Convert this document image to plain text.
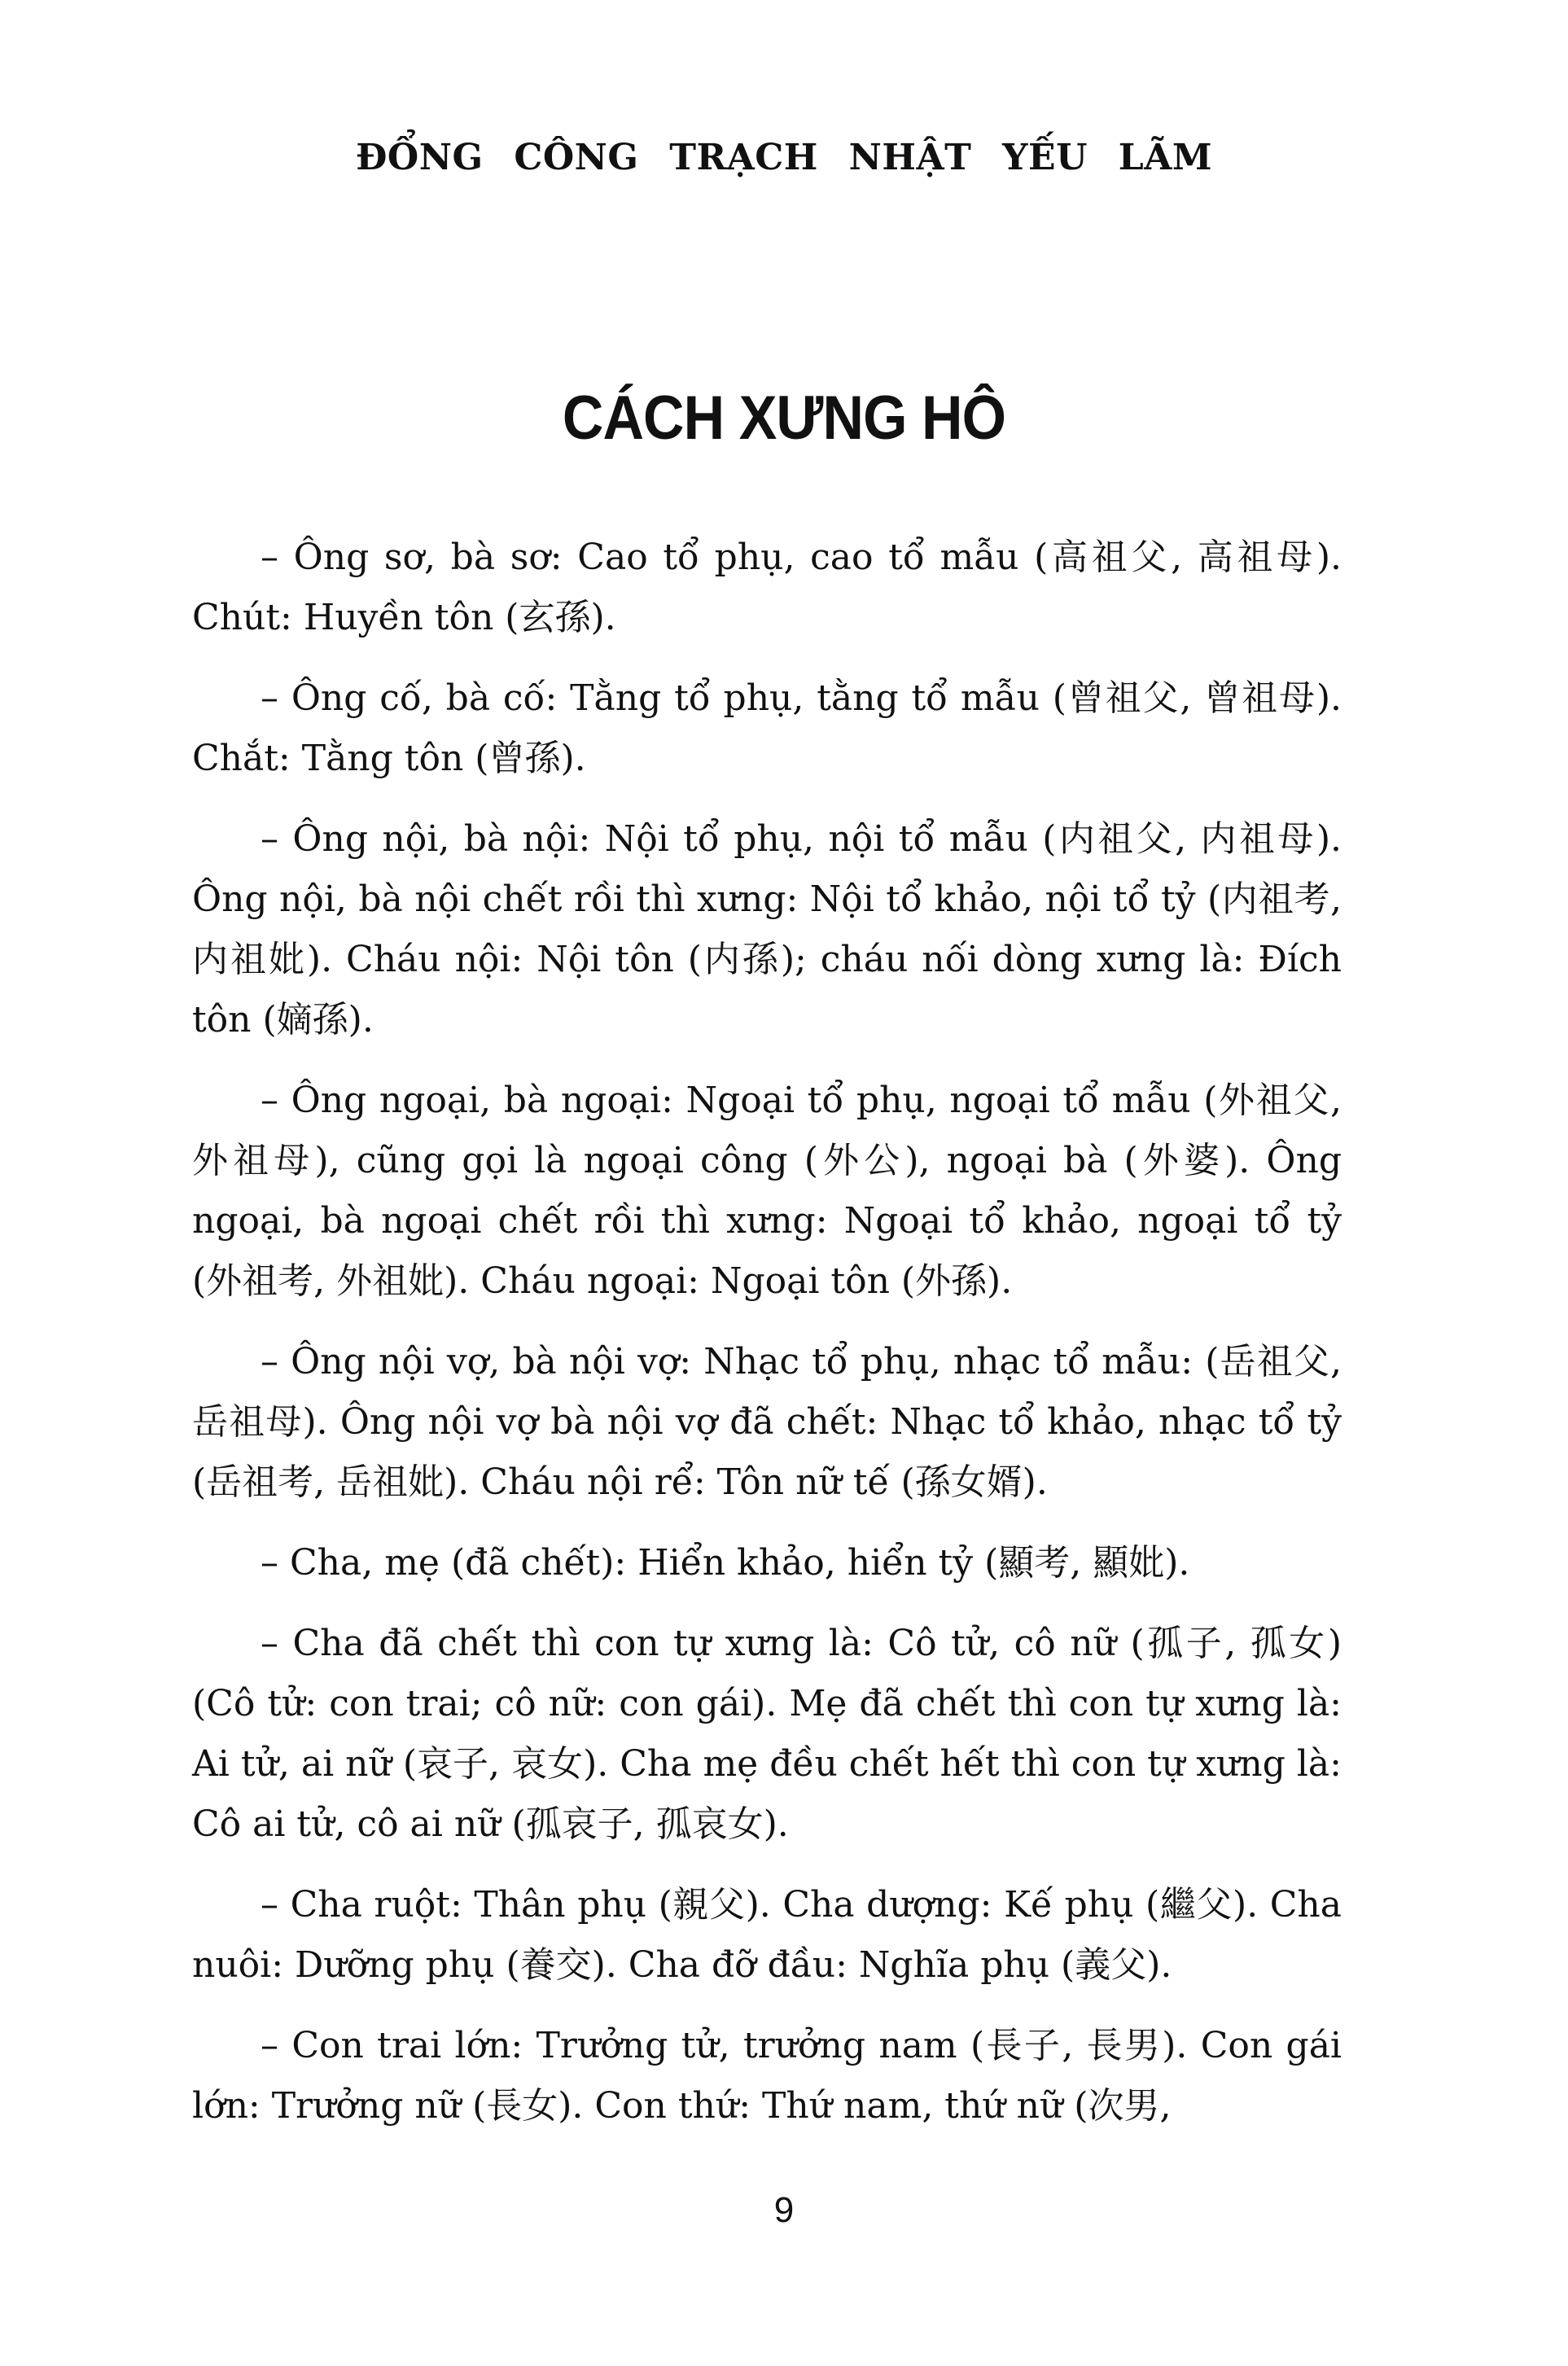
ĐỔNG CÔNG TRẠCH NHẬT YẾU LÃM
CÁCH XƯNG HÔ

– Ông sơ, bà sơ: Cao tổ phụ, cao tổ mẫu (高祖父, 高祖母). Chút: Huyền tôn (玄孫).

– Ông cố, bà cố: Tằng tổ phụ, tằng tổ mẫu (曾祖父, 曾祖母). Chắt: Tằng tôn (曾孫).

– Ông nội, bà nội: Nội tổ phụ, nội tổ mẫu (内祖父, 内祖母). Ông nội, bà nội chết rồi thì xưng: Nội tổ khảo, nội tổ tỷ (内祖考, 内祖妣). Cháu nội: Nội tôn (内孫); cháu nối dòng xưng là: Đích tôn (嫡孫).

– Ông ngoại, bà ngoại: Ngoại tổ phụ, ngoại tổ mẫu (外祖父, 外祖母), cũng gọi là ngoại công (外公), ngoại bà (外婆). Ông ngoại, bà ngoại chết rồi thì xưng: Ngoại tổ khảo, ngoại tổ tỷ (外祖考, 外祖妣). Cháu ngoại: Ngoại tôn (外孫).

– Ông nội vợ, bà nội vợ: Nhạc tổ phụ, nhạc tổ mẫu: (岳祖父, 岳祖母). Ông nội vợ bà nội vợ đã chết: Nhạc tổ khảo, nhạc tổ tỷ (岳祖考, 岳祖妣). Cháu nội rể: Tôn nữ tế (孫女婿).

– Cha, mẹ (đã chết): Hiển khảo, hiển tỷ (顯考, 顯妣).

– Cha đã chết thì con tự xưng là: Cô tử, cô nữ (孤子, 孤女) (Cô tử: con trai; cô nữ: con gái). Mẹ đã chết thì con tự xưng là: Ai tử, ai nữ (哀子, 哀女). Cha mẹ đều chết hết thì con tự xưng là: Cô ai tử, cô ai nữ (孤哀子, 孤哀女).

– Cha ruột: Thân phụ (親父). Cha dượng: Kế phụ (繼父). Cha nuôi: Dưỡng phụ (養交). Cha đỡ đầu: Nghĩa phụ (義父).

– Con trai lớn: Trưởng tử, trưởng nam (長子, 長男). Con gái lớn: Trưởng nữ (長女). Con thứ: Thứ nam, thứ nữ (次男,

9
